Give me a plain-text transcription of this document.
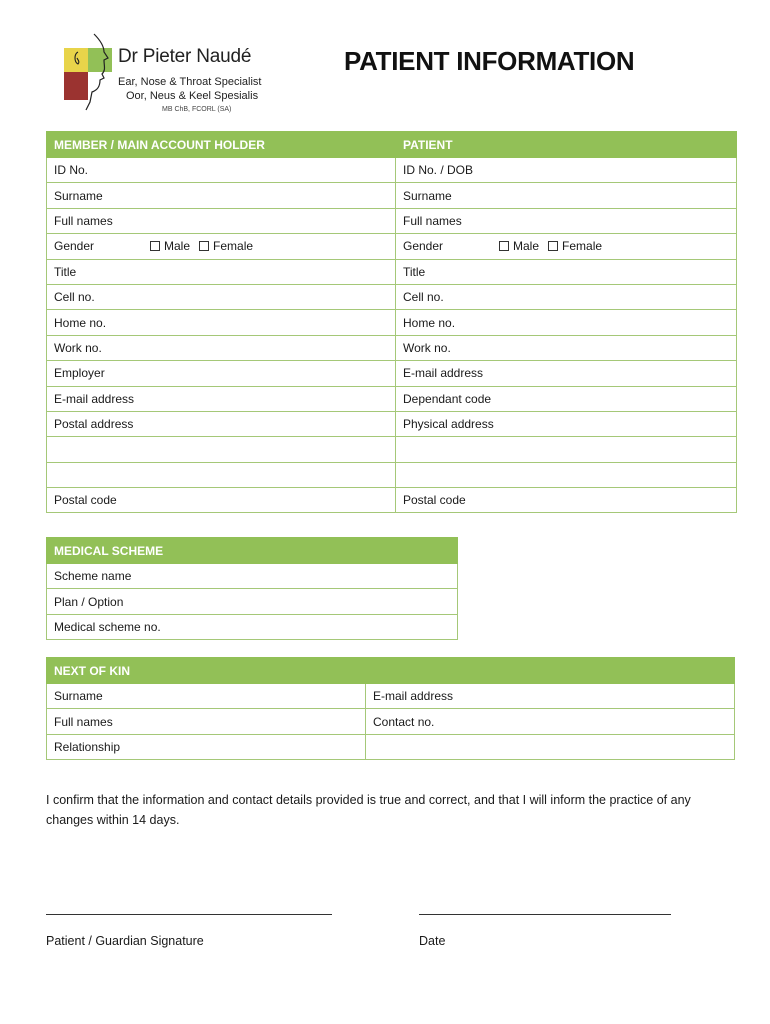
Dr Pieter Naudé
Ear, Nose & Throat Specialist
Oor, Neus & Keel Spesialis
MB ChB, FCORL (SA)
PATIENT INFORMATION
MEMBER / MAIN ACCOUNT HOLDER	PATIENT
ID No.	ID No. / DOB
Surname	Surname
Full names	Full names

Gender Male Female	Gender Male Female

Title	Title
Cell no.	Cell no.
Home no.	Home no.
Work no.	Work no.
Employer	E-mail address
E-mail address	Dependant code
Postal address	Physical address

Postal code	Postal code
MEDICAL SCHEME
Scheme name
Plan / Option
Medical scheme no.
NEXT OF KIN		
Surname	E-mail address	
Full names	Contact no.	
Relationship		
I confirm that the information and contact details provided is true and correct, and that I will inform the practice of any changes within 14 days.
Patient / Guardian Signature	Date
